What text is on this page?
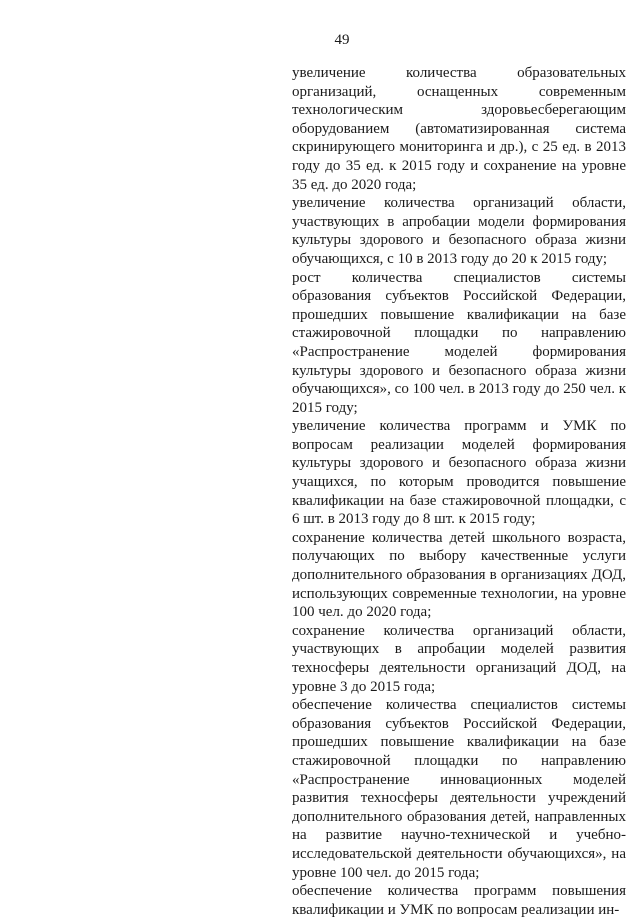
49

увеличение количества образовательных организаций, оснащенных современным технологическим здоровьесберегающим оборудованием (автоматизированная система скринирующего мониторинга и др.), с 25 ед. в 2013 году до 35 ед. к 2015 году и сохранение на уровне 35 ед. до 2020 года;

увеличение количества организаций области, участвующих в апробации модели формирования культуры здорового и безопасного образа жизни обучающихся, с 10 в 2013 году до 20 к 2015 году;

рост количества специалистов системы образования субъектов Российской Федерации, прошедших повышение квалификации на базе стажировочной площадки по направлению «Распространение моделей формирования культуры здорового и безопасного образа жизни обучающихся», со 100 чел. в 2013 году до 250 чел. к 2015 году;

увеличение количества программ и УМК по вопросам реализации моделей формирования культуры здорового и безопасного образа жизни учащихся, по которым проводится повышение квалификации на базе стажировочной площадки, с 6 шт. в 2013 году до 8 шт. к 2015 году;

сохранение количества детей школьного возраста, получающих по выбору качественные услуги дополнительного образования в организациях ДОД, использующих современные технологии, на уровне 100 чел. до 2020 года;

сохранение количества организаций области, участвующих в апробации моделей развития техносферы деятельности организаций ДОД, на уровне 3 до 2015 года;

обеспечение количества специалистов системы образования субъектов Российской Федерации, прошедших повышение квалификации на базе стажировочной площадки по направлению «Распространение инновационных моделей развития техносферы деятельности учреждений дополнительного образования детей, направленных на развитие научно-технической и учебно-исследовательской деятельности обучающихся», на уровне 100 чел. до 2015 года;

обеспечение количества программ повышения квалификации и УМК по вопросам реализации ин-
